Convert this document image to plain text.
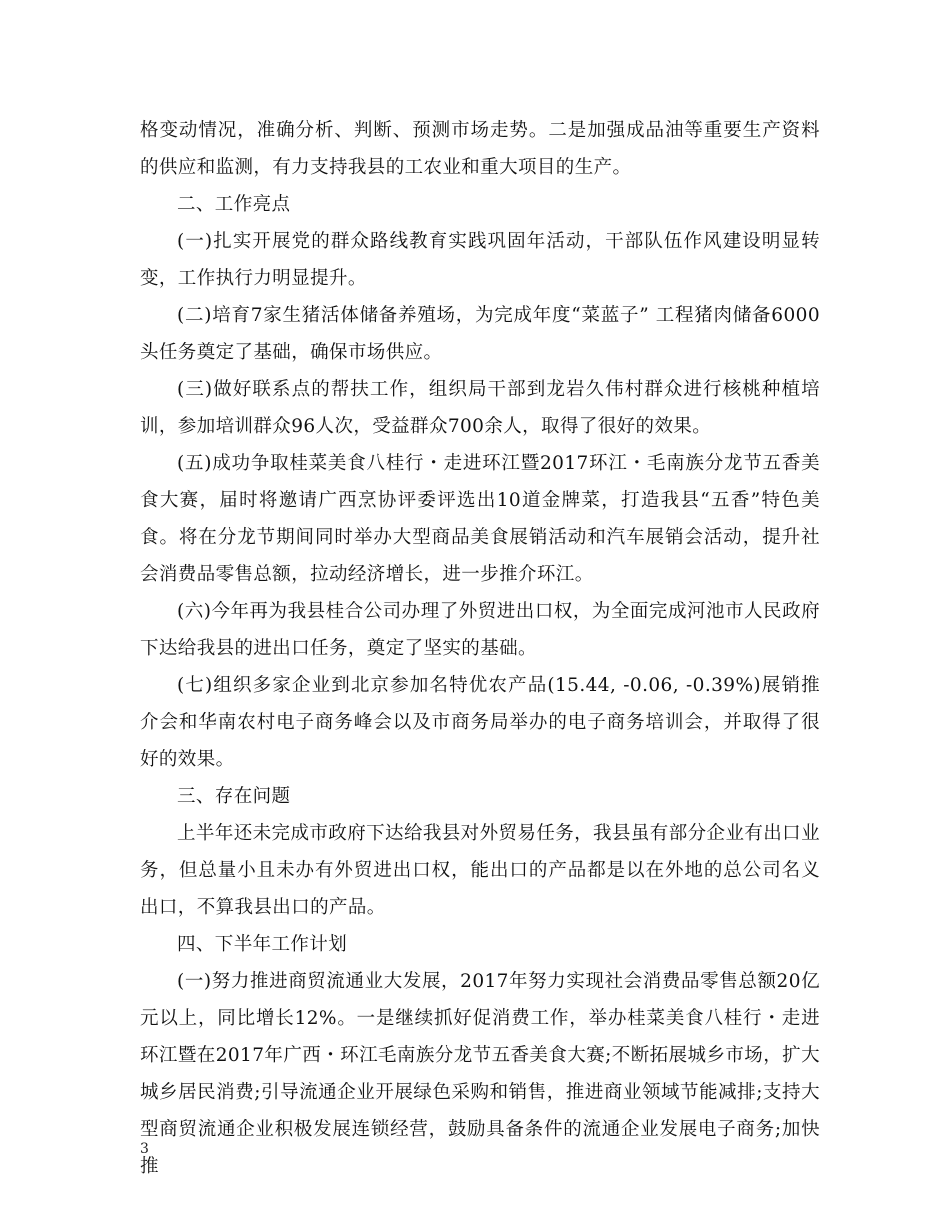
格变动情况，准确分析、判断、预测市场走势。二是加强成品油等重要生产资料的供应和监测，有力支持我县的工农业和重大项目的生产。

二、工作亮点

(一)扎实开展党的群众路线教育实践巩固年活动，干部队伍作风建设明显转变，工作执行力明显提升。

(二)培育7家生猪活体储备养殖场，为完成年度“菜蓝子” 工程猪肉储备6000头任务奠定了基础，确保市场供应。

(三)做好联系点的帮扶工作，组织局干部到龙岩久伟村群众进行核桃种植培训，参加培训群众96人次，受益群众700余人，取得了很好的效果。

(五)成功争取桂菜美食八桂行・走进环江暨2017环江・毛南族分龙节五香美食大赛，届时将邀请广西烹协评委评选出10道金牌菜，打造我县“五香”特色美食。将在分龙节期间同时举办大型商品美食展销活动和汽车展销会活动，提升社会消费品零售总额，拉动经济增长，进一步推介环江。

(六)今年再为我县桂合公司办理了外贸进出口权，为全面完成河池市人民政府下达给我县的进出口任务，奠定了坚实的基础。

(七)组织多家企业到北京参加名特优农产品(15.44, -0.06, -0.39%)展销推介会和华南农村电子商务峰会以及市商务局举办的电子商务培训会，并取得了很好的效果。

三、存在问题

上半年还未完成市政府下达给我县对外贸易任务，我县虽有部分企业有出口业务，但总量小且未办有外贸进出口权，能出口的产品都是以在外地的总公司名义出口，不算我县出口的产品。

四、下半年工作计划

(一)努力推进商贸流通业大发展，2017年努力实现社会消费品零售总额20亿元以上，同比增长12%。一是继续抓好促消费工作，举办桂菜美食八桂行・走进环江暨在2017年广西・环江毛南族分龙节五香美食大赛;不断拓展城乡市场，扩大城乡居民消费;引导流通企业开展绿色采购和销售，推进商业领域节能减排;支持大型商贸流通企业积极发展连锁经营，鼓励具备条件的流通企业发展电子商务;加快推

3
